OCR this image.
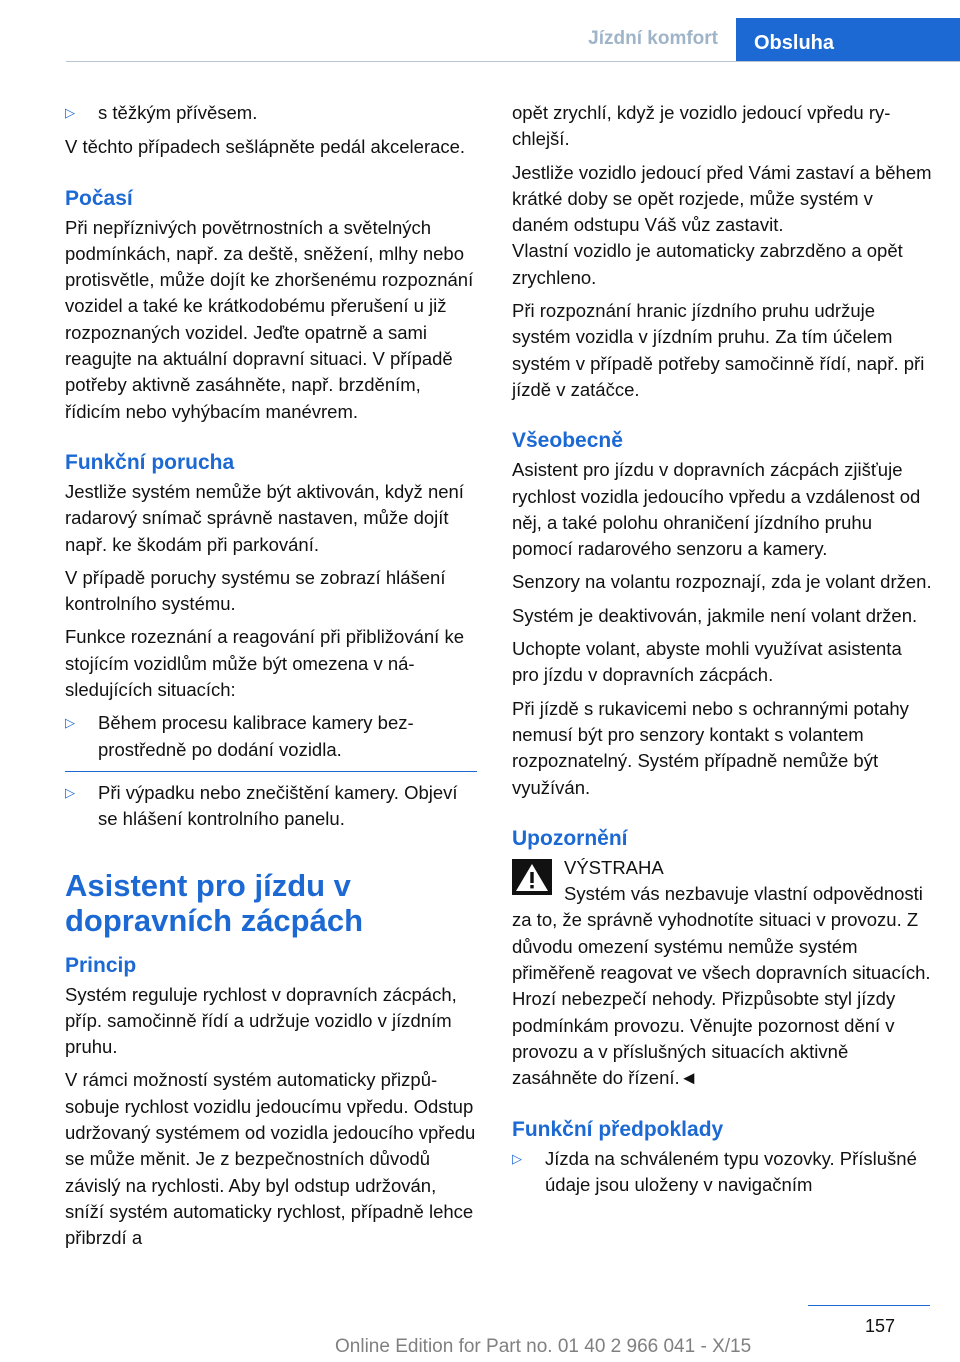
Jízdní komfort	Obsluha
▷ s těžkým přívěsem.

V těchto případech sešlápněte pedál akcelerace.

Počasí

Při nepříznivých povětrnostních a světelných podmínkách, např. za deště, sněžení, mlhy nebo protisvětle, může dojít ke zhoršenému rozpoznání vozidel a také ke krátkodobému přerušení u již rozpoznaných vozidel. Jeďte opatrně a sami reagujte na aktuální dopravní situaci. V případě potřeby aktivně zasáhněte, např. brzděním, řídicím nebo vyhýbacím manévrem.

Funkční porucha

Jestliže systém nemůže být aktivován, když není radarový snímač správně nastaven, může dojít např. ke škodám při parkování.

V případě poruchy systému se zobrazí hlášení kontrolního systému.

Funkce rozeznání a reagování při přibližování ke stojícím vozidlům může být omezena v následujících situacích:

▷ Během procesu kalibrace kamery bezprostředně po dodání vozidla.
▷ Při výpadku nebo znečištění kamery. Objeví se hlášení kontrolního panelu.
Asistent pro jízdu v dopravních zácpách
Princip

Systém reguluje rychlost v dopravních zácpách, příp. samočinně řídí a udržuje vozidlo v jízdním pruhu.

V rámci možností systém automaticky přizpůsobuje rychlost vozidlu jedoucímu vpředu. Odstup udržovaný systémem od vozidla jedoucího vpředu se může měnit. Je z bezpečnostních důvodů závislý na rychlosti. Aby byl odstup udržován, sníží systém automaticky rychlost, případně lehce přibrzdí a

opět zrychlí, když je vozidlo jedoucí vpředu rychlejší.

Jestliže vozidlo jedoucí před Vámi zastaví a během krátké doby se opět rozjede, může systém v daném odstupu Váš vůz zastavit.

Vlastní vozidlo je automaticky zabrzděno a opět zrychleno.

Při rozpoznání hranic jízdního pruhu udržuje systém vozidla v jízdním pruhu. Za tím účelem systém v případě potřeby samočinně řídí, např. při jízdě v zatáčce.

Všeobecně

Asistent pro jízdu v dopravních zácpách zjišťuje rychlost vozidla jedoucího vpředu a vzdálenost od něj, a také polohu ohraničení jízdního pruhu pomocí radarového senzoru a kamery.

Senzory na volantu rozpoznají, zda je volant držen.

Systém je deaktivován, jakmile není volant držen.

Uchopte volant, abyste mohli využívat asistenta pro jízdu v dopravních zácpách.

Při jízdě s rukavicemi nebo s ochrannými potahy nemusí být pro senzory kontakt s volantem rozpoznatelný. Systém případně nemůže být využíván.

Upozornění
VÝSTRAHA

Systém vás nezbavuje vlastní odpovědnosti za to, že správně vyhodnotíte situaci v provozu. Z důvodu omezení systému nemůže systém přiměřeně reagovat ve všech dopravních situacích. Hrozí nebezpečí nehody. Přizpůsobte styl jízdy podmínkám provozu. Věnujte pozornost dění v provozu a v příslušných situacích aktivně zasáhněte do řízení.◄

Funkční předpoklady
▷ Jízda na schváleném typu vozovky. Příslušné údaje jsou uloženy v navigačním
157
Online Edition for Part no. 01 40 2 966 041 - X/15
